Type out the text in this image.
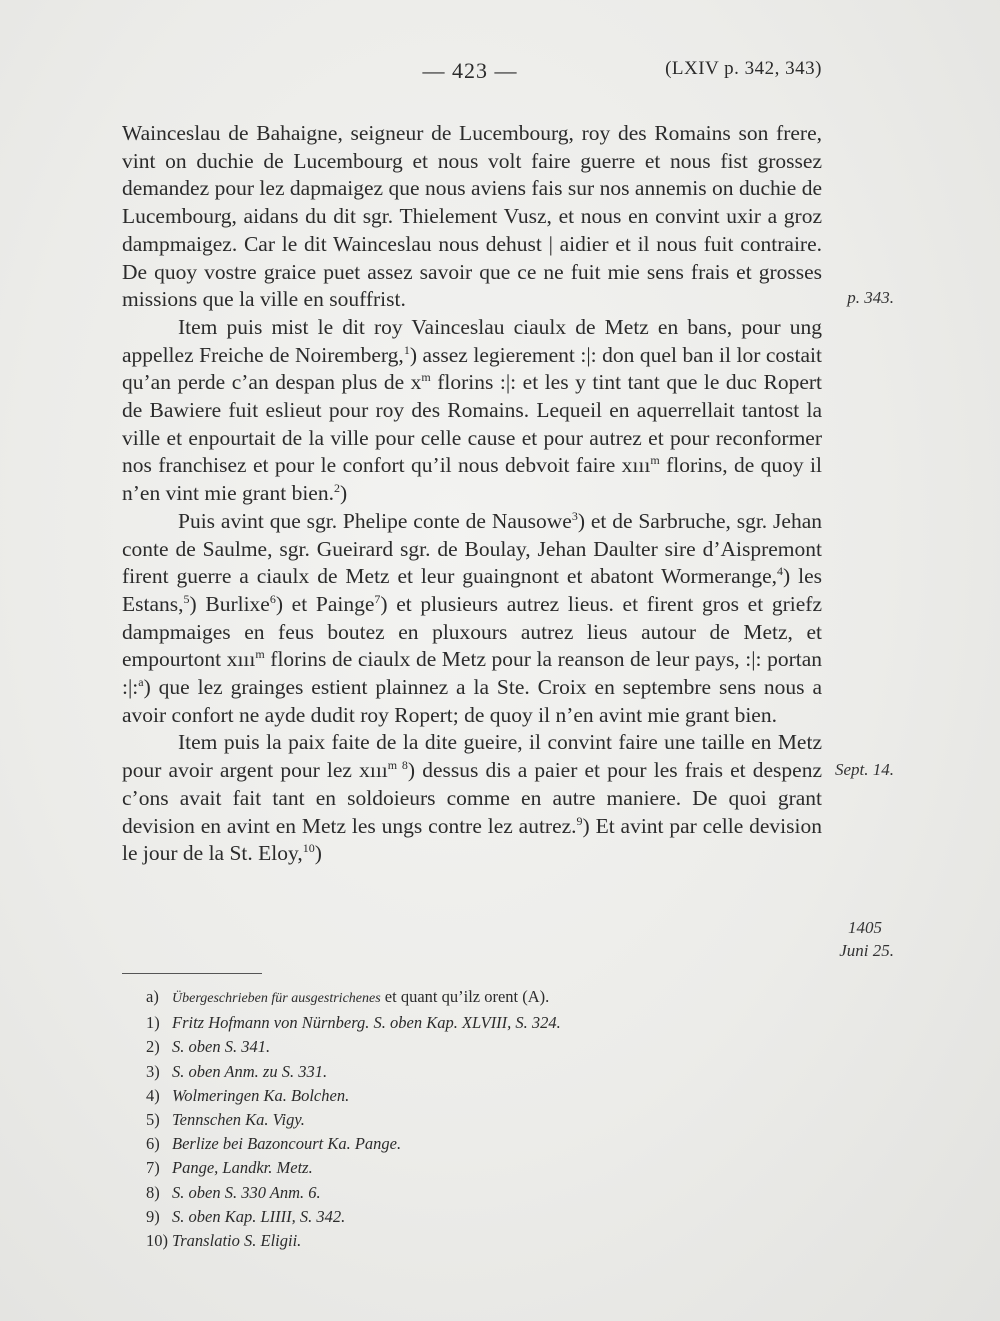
— 423 —	(LXIV p. 342, 343)

Wainceslau de Bahaigne, seigneur de Lucembourg, roy des Romains son frere, vint on duchie de Lucembourg et nous volt faire guerre et nous fist grossez demandez pour lez dapmaigez que nous aviens fais sur nos annemis on duchie de Lucembourg, aidans du dit sgr. Thielement Vusz, et nous en convint uxir a groz dampmaigez. Car le dit Wainceslau nous dehust | aidier et il nous fuit contraire. De quoy vostre graice puet assez savoir que ce ne fuit mie sens frais et grosses missions que la ville en souffrist.

Item puis mist le dit roy Vainceslau ciaulx de Metz en bans, pour ung appellez Freiche de Noiremberg,$^1$) assez legierement :|: don quel ban il lor costait qu’an perde c’an despan plus de $x^m$ florins :|: et les y tint tant que le duc Ropert de Bawiere fuit eslieut pour roy des Romains. Lequeil en aquerrellait tantost la ville et enpourtait de la ville pour celle cause et pour autrez et pour reconformer nos franchisez et pour le confort qu’il nous debvoit faire xııı$^m$ florins, de quoy il n’en vint mie grant bien.$^2$)

Puis avint que sgr. Phelipe conte de Nausowe$^3$) et de Sarbruche, sgr. Jehan conte de Saulme, sgr. Gueirard sgr. de Boulay, Jehan Daulter sire d’Aispremont firent guerre a ciaulx de Metz et leur guaingnont et abatont Wormerange,$^4$) les Estans,$^5$) Burlixe$^6$) et Painge$^7$) et plusieurs autrez lieus. et firent gros et griefz dampmaiges en feus boutez en pluxours autrez lieus autour de Metz, et empourtont xııı$^m$ florins de ciaulx de Metz pour la reanson de leur pays, :|: portan :|:$^a$) que lez grainges estient plainnez a la Ste. Croix en septembre sens nous a avoir confort ne ayde dudit roy Ropert; de quoy il n’en avint mie grant bien.

Item puis la paix faite de la dite gueire, il convint faire une taille en Metz pour avoir argent pour lez xııı$^{m 8}$) dessus dis a paier et pour les frais et despenz c’ons avait fait tant en soldoieurs comme en autre maniere. De quoi grant devision en avint en Metz les ungs contre lez autrez.$^9$) Et avint par celle devision le jour de la St. Eloy,$^{10}$)

p. 343.
Sept. 14.
1405
Juni 25.
a) Übergeschrieben für ausgestrichenes et quant qu’ilz orent (A).
1) Fritz Hofmann von Nürnberg. S. oben Kap. XLVIII, S. 324.
2) S. oben S. 341.
3) S. oben Anm. zu S. 331.
4) Wolmeringen Ka. Bolchen.
5) Tennschen Ka. Vigy.
6) Berlize bei Bazoncourt Ka. Pange.
7) Pange, Landkr. Metz.
8) S. oben S. 330 Anm. 6.
9) S. oben Kap. LIIII, S. 342.
10) Translatio S. Eligii.
